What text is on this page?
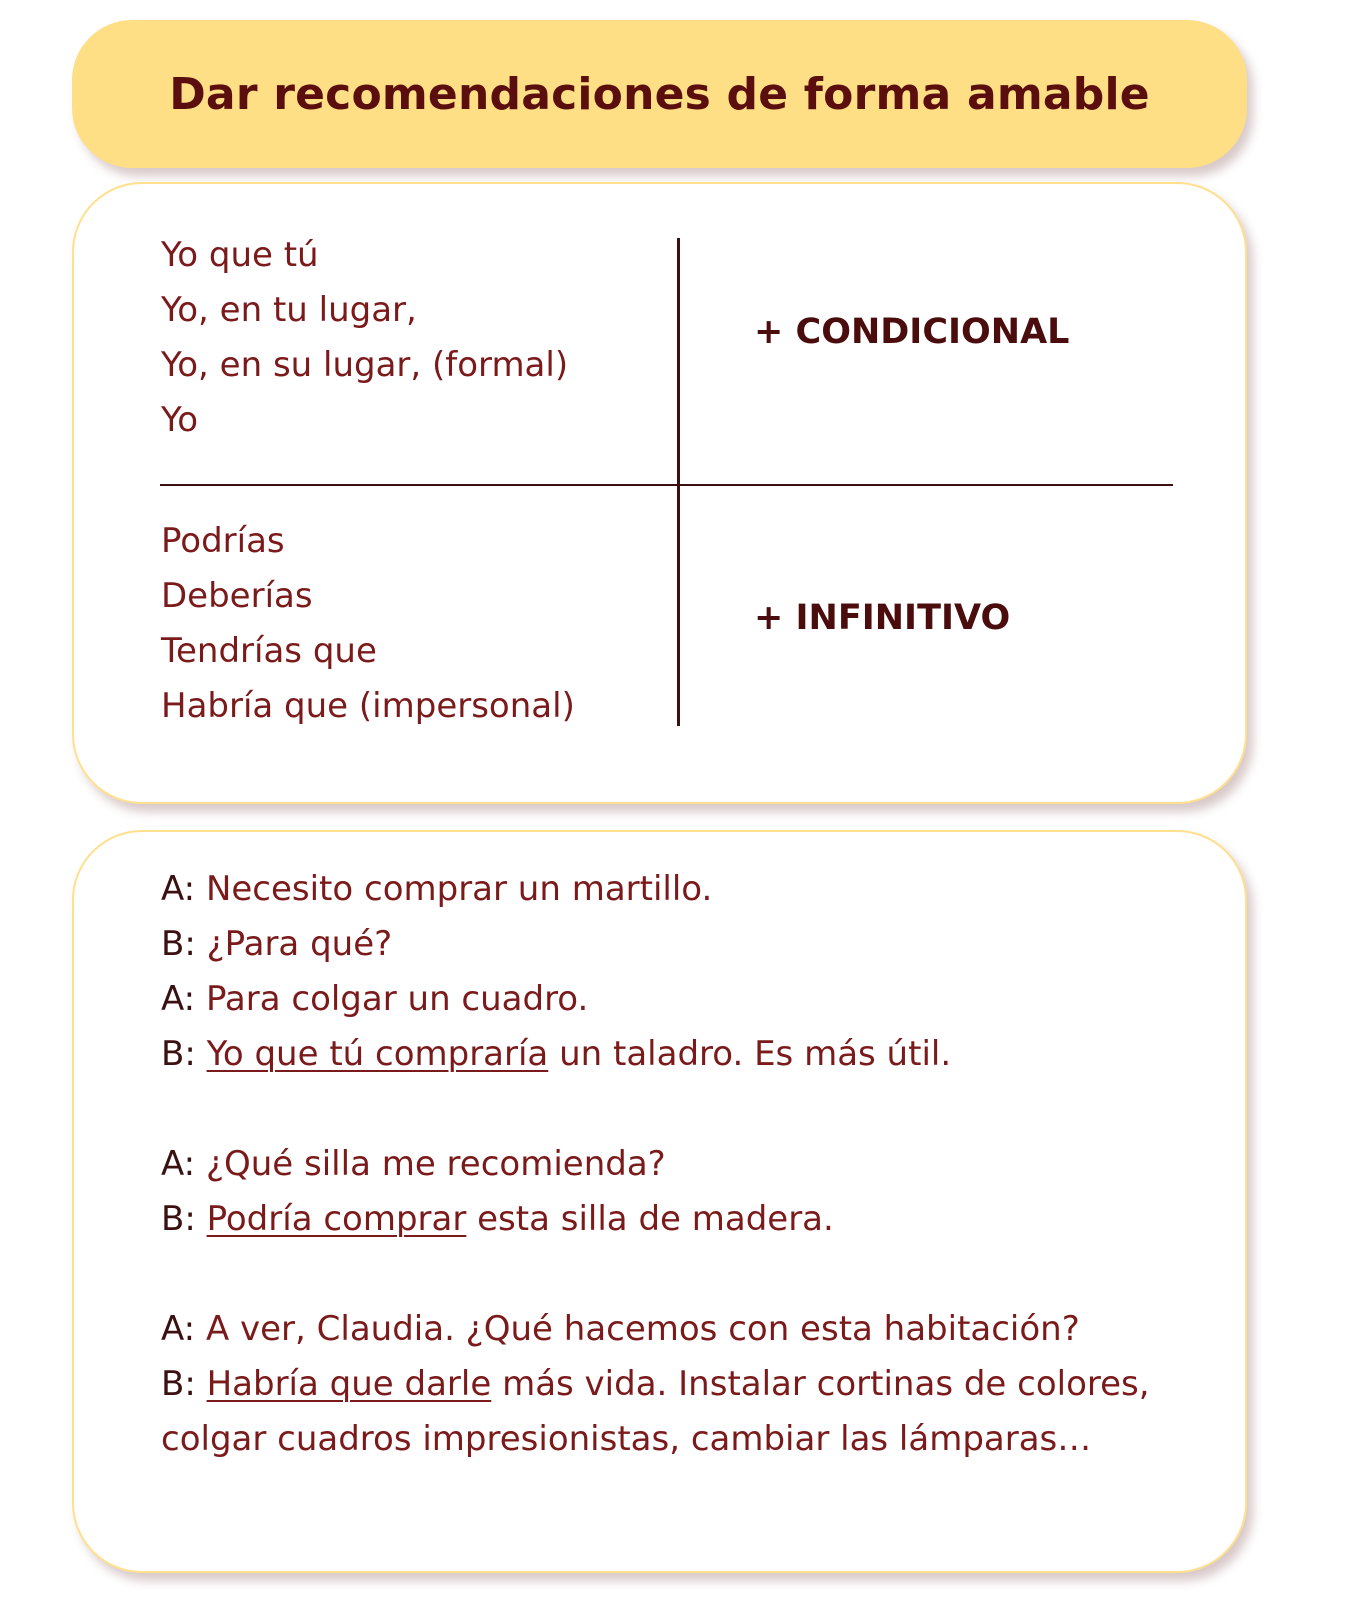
Dar recomendaciones de forma amable
Yo que tú
Yo, en tu lugar,
Yo, en su lugar, (formal)
Yo
+ CONDICIONAL
Podrías
Deberías
Tendrías que
Habría que (impersonal)
+ INFINITIVO
A: Necesito comprar un martillo.
B: ¿Para qué?
A: Para colgar un cuadro.
B: Yo que tú compraría un taladro. Es más útil.
A: ¿Qué silla me recomienda?
B: Podría comprar esta silla de madera.
A: A ver, Claudia. ¿Qué hacemos con esta habitación?
B: Habría que darle más vida. Instalar cortinas de colores, colgar cuadros impresionistas, cambiar las lámparas…
